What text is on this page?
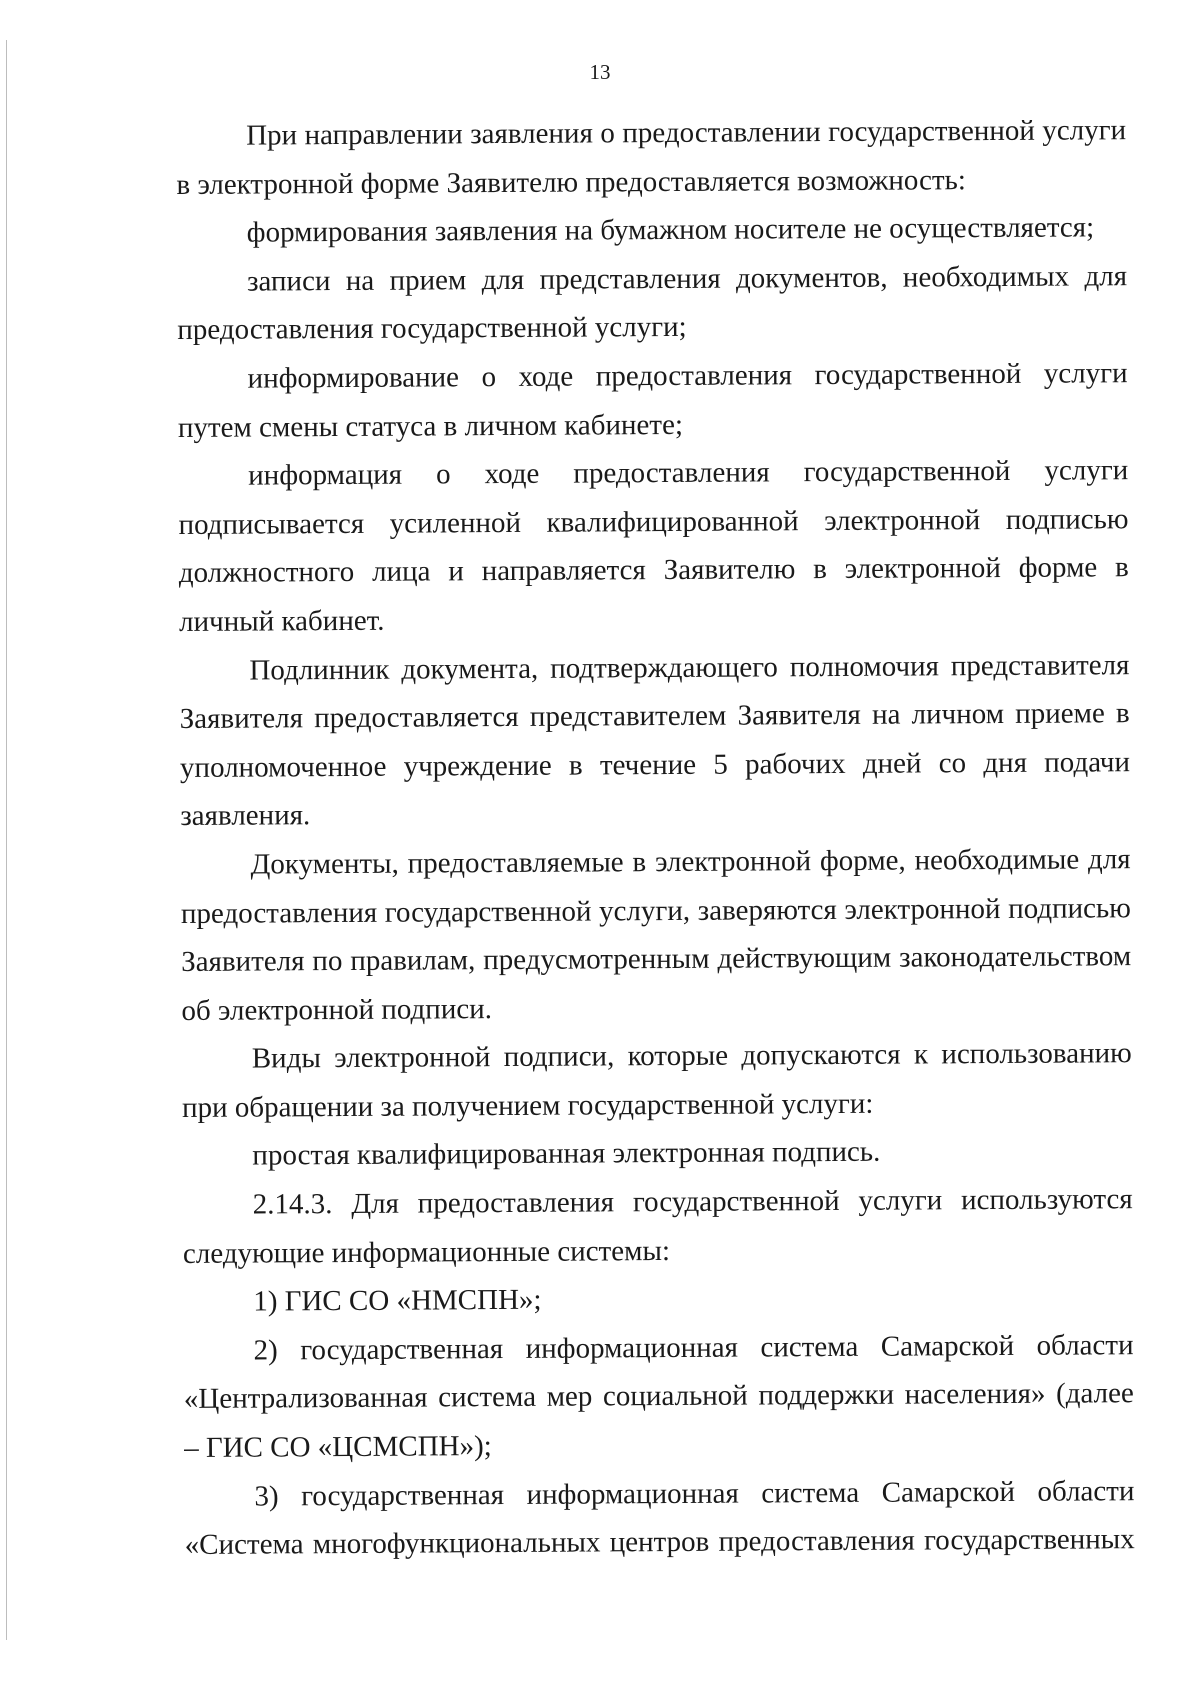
13

При направлении заявления о предоставлении государственной услуги в электронной форме Заявителю предоставляется возможность:

формирования заявления на бумажном носителе не осуществляется;

записи на прием для представления документов, необходимых для предоставления государственной услуги;

информирование о ходе предоставления государственной услуги путем смены статуса в личном кабинете;

информация о ходе предоставления государственной услуги подписывается усиленной квалифицированной электронной подписью должностного лица и направляется Заявителю в электронной форме в личный кабинет.

Подлинник документа, подтверждающего полномочия представителя Заявителя предоставляется представителем Заявителя на личном приеме в уполномоченное учреждение в течение 5 рабочих дней со дня подачи заявления.

Документы, предоставляемые в электронной форме, необходимые для предоставления государственной услуги, заверяются электронной подписью Заявителя по правилам, предусмотренным действующим законодательством об электронной подписи.

Виды электронной подписи, которые допускаются к использованию при обращении за получением государственной услуги:

простая квалифицированная электронная подпись.

2.14.3. Для предоставления государственной услуги используются следующие информационные системы:

1) ГИС СО «НМСПН»;

2) государственная информационная система Самарской области «Централизованная система мер социальной поддержки населения» (далее – ГИС СО «ЦСМСПН»);

3) государственная информационная система Самарской области «Система многофункциональных центров предоставления государственных
